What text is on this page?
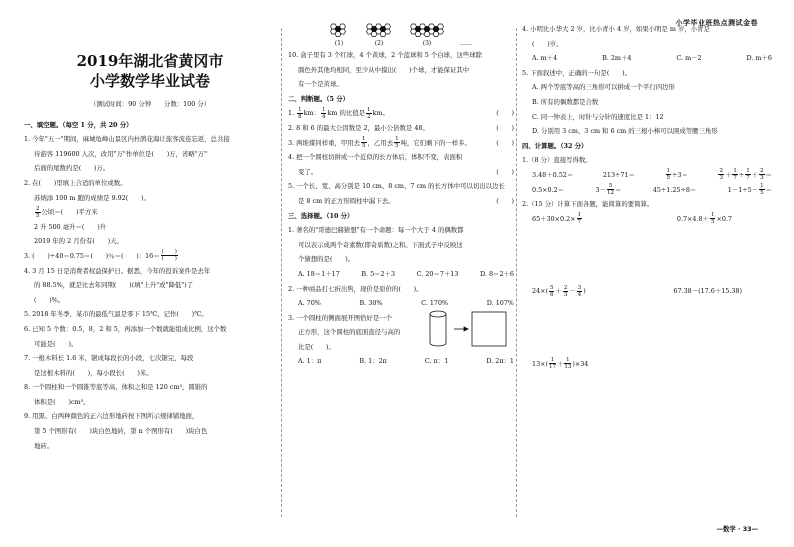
小学毕业班热点测试金卷

2019年湖北省黄冈市

小学数学毕业试卷

（测试时间：90 分钟　　 分数：100 分）

一、填空题。（每空 1 分，共 20 分）

1. 今年"五一"期间，麻城龟峰山景区内杜鹃花海让旅客流连忘返，总共接

待游客 119600 人次，改用"万"作单位是(　　)万，省略"万"

后面的尾数约是(　　)万。

2. 在(　　)里填上合适的单位或数。

苏炳添 100 m 跑的成绩是 9.92(　　)。

$\frac{2}{5}$ 公顷＝(　　)平方米

2 升 500 毫升＝(　　)升

2019 年的 2 月份有(　　)天。

3. (　　)÷40＝0.75＝(　　)％＝(　　)：$16= \frac{( )}{( )}$

4. 3 月 15 日是消费者权益保护日。据悉，今年的投诉案件是去年

的 88.5%，就是比去年同期(　　)(填"上升"或"降低")了

(　　)%。

5. 2018 年冬季，某市的最低气温是零下 15℃，记作(　　)℃。

6. 已知 5 个数：0.5，8，2 和 5，再添加一个数就能组成比例，这个数

可能是(　　)。

7. 一根木料长 1.6 米，锯成每段长的小段，七次锯完，每段

是这根木料的(　　)，每小段长(　　)米。

8. 一个圆柱和一个圆锥等底等高，体积之和是 120 cm³，圆锥的

体积是(　　)cm³。

9. 用黑、白两种颜色的正六边形地砖按下图所示规律铺地面，

第 5 个图形有(　　)块白色地砖，第 n 个图形有(　　)块白色

地砖。

(1)	(2)	(3)	……

10. 盒子里有 3 个红球，4 个黄球，2 个蓝球和 5 个白球，这些球除

颜色外其他均相同，至少从中摸出(　　)个球，才能保证其中

有一个是黄球。

二、判断题。（5 分）

1. $\frac{1}{8}$ km： $\frac{1}{4}$ km 的比值是 $\frac{1}{2}$ km。	(　　)

2. 8 和 6 的最大公因数是 2，最小公倍数是 48。	(　　)

3. 两堆煤同样重，甲用去 $\frac{1}{5}$ ，乙用去 $\frac{1}{5}$ 吨，它们剩下的一样多。	(　　)

4. 把一个圆柱切拼成一个近似的长方体后，体积不变，表面积

变了。	(　　)

5. 一个长、宽、高分别是 10 cm、8 cm、7 cm 的长方体中可以切出以边长

是 8 cm 的正方形圆柱中漏下去。	(　　)

三、选择题。（10 分）

1. 著名的"哥德巴赫猜想"有一个命题：每一个大于 4 的偶数都

可以表示成两个奇素数(即奇质数)之和。下面式子中反映这

个猜想的是(　　)。

A. 18＝1＋17	B. 5＝2＋3	C. 20＝7＋13	D. 8＝2＋6

2. 一种商品打七折出售，现价是原价的(　　)。

A. 70%	B. 30%	C. 170%	D. 107%

3. 一个圆柱的侧面展开图恰好是一个

正方形，这个圆柱的底面直径与高的

比是(　　)。

A. 1：π	B. 1：2π	C. π：1	D. 2π：1

4. 小明比小华大 2 岁，比小青小 4 岁，如果小明是 m 岁，小青是

(　　)岁。

A. m＋4	B. 2m＋4	C. m－2	D. m＋6

5. 下面叙述中，正确的一句是(　　)。

A. 两个等底等高的三角形可以拼成一个平行四边形

B. 所有的偶数都是合数

C. 同一钟表上，时针与分针的速度比是 1：12

D. 分别用 3 cm、3 cm 和 6 cm 的三根小棒可以围成等腰三角形

四、计算题。（32 分）

1.（8 分）直接写得数。

3.48＋0.52＝	213÷71＝	$\frac{1}{5} \div 3=$	$\frac{2}{3} + \frac{1}{7} \div \frac{1}{7} + \frac{2}{3}$ ＝

0.5×0.2＝	$3- \frac{5}{12}$ ＝	45÷1.25÷8＝	$1-1\div 5- \frac{1}{5}$ ＝

2.（15 分）计算下面各题，能简算的要简算。

$65+30\times 0.2\times \frac{1}{7}$	$0.7\times 4.8+ \frac{1}{5} \times 0.7$

$24\times( \frac{5}{6} + \frac{2}{3} - \frac{3}{4}$ )	67.38－(17.6＋15.38)

$13\times( \frac{1}{17} + \frac{1}{13} )\times 34$

—数学 · 33—
